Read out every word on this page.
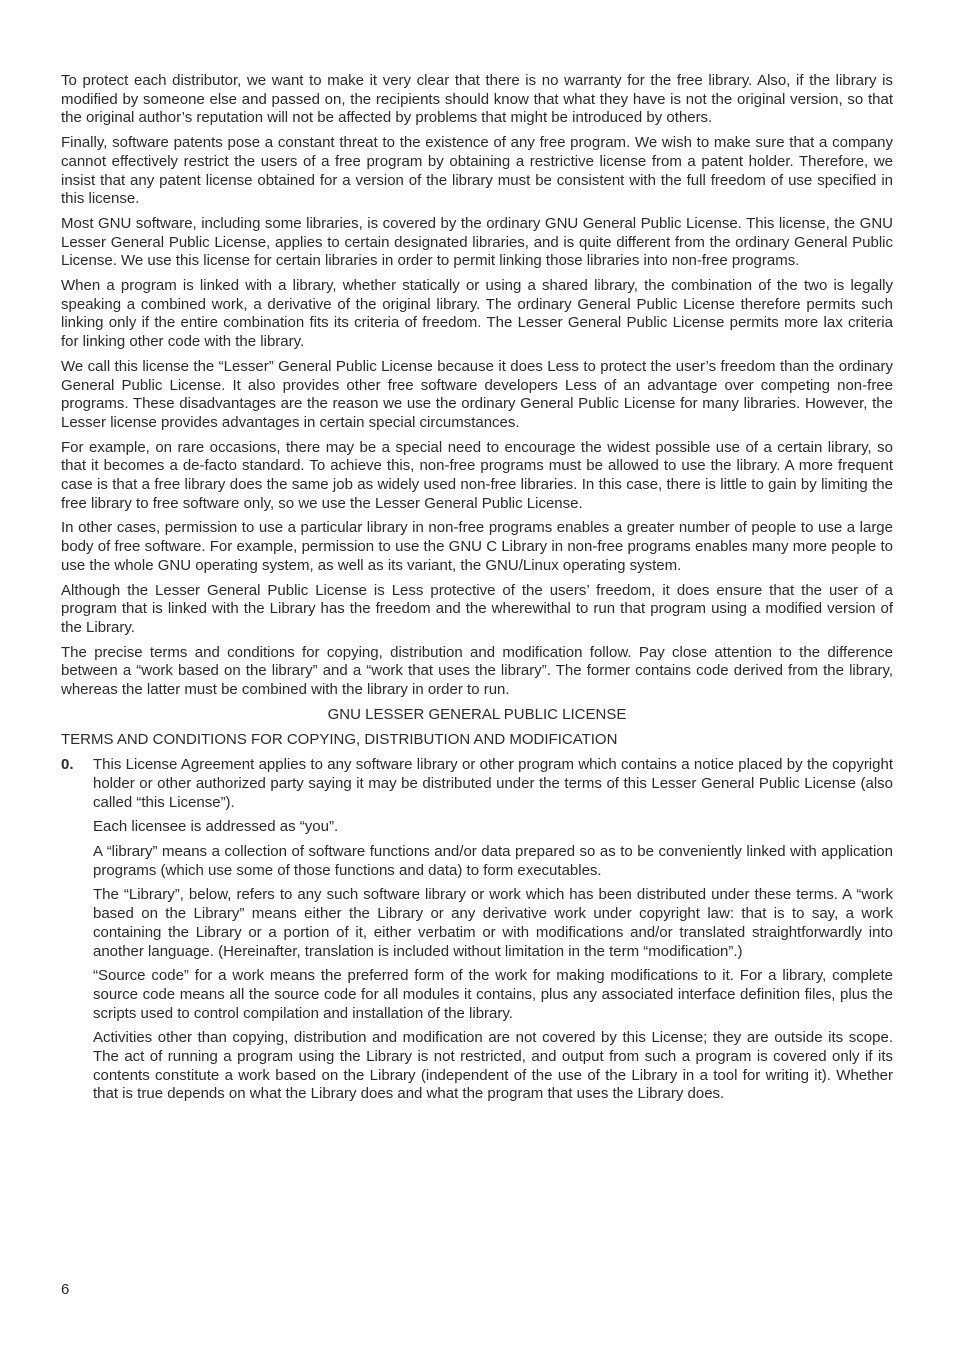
To protect each distributor, we want to make it very clear that there is no warranty for the free library. Also, if the library is modified by someone else and passed on, the recipients should know that what they have is not the original version, so that the original author’s reputation will not be affected by problems that might be introduced by others.

Finally, software patents pose a constant threat to the existence of any free program. We wish to make sure that a company cannot effectively restrict the users of a free program by obtaining a restrictive license from a patent holder. Therefore, we insist that any patent license obtained for a version of the library must be consistent with the full freedom of use specified in this license.

Most GNU software, including some libraries, is covered by the ordinary GNU General Public License. This license, the GNU Lesser General Public License, applies to certain designated libraries, and is quite different from the ordinary General Public License. We use this license for certain libraries in order to permit linking those libraries into non-free programs.

When a program is linked with a library, whether statically or using a shared library, the combination of the two is legally speaking a combined work, a derivative of the original library. The ordinary General Public License therefore permits such linking only if the entire combination fits its criteria of freedom. The Lesser General Public License permits more lax criteria for linking other code with the library.

We call this license the “Lesser” General Public License because it does Less to protect the user’s freedom than the ordinary General Public License. It also provides other free software developers Less of an advantage over competing non-free programs. These disadvantages are the reason we use the ordinary General Public License for many libraries. However, the Lesser license provides advantages in certain special circumstances.

For example, on rare occasions, there may be a special need to encourage the widest possible use of a certain library, so that it becomes a de-facto standard. To achieve this, non-free programs must be allowed to use the library. A more frequent case is that a free library does the same job as widely used non-free libraries. In this case, there is little to gain by limiting the free library to free software only, so we use the Lesser General Public License.

In other cases, permission to use a particular library in non-free programs enables a greater number of people to use a large body of free software. For example, permission to use the GNU C Library in non-free programs enables many more people to use the whole GNU operating system, as well as its variant, the GNU/Linux operating system.

Although the Lesser General Public License is Less protective of the users’ freedom, it does ensure that the user of a program that is linked with the Library has the freedom and the wherewithal to run that program using a modified version of the Library.

The precise terms and conditions for copying, distribution and modification follow. Pay close attention to the difference between a “work based on the library” and a “work that uses the library”. The former contains code derived from the library, whereas the latter must be combined with the library in order to run.

GNU LESSER GENERAL PUBLIC LICENSE

TERMS AND CONDITIONS FOR COPYING, DISTRIBUTION AND MODIFICATION

0. This License Agreement applies to any software library or other program which contains a notice placed by the copyright holder or other authorized party saying it may be distributed under the terms of this Lesser General Public License (also called “this License”).

Each licensee is addressed as “you”.

A “library” means a collection of software functions and/or data prepared so as to be conveniently linked with application programs (which use some of those functions and data) to form executables.

The “Library”, below, refers to any such software library or work which has been distributed under these terms. A “work based on the Library” means either the Library or any derivative work under copyright law: that is to say, a work containing the Library or a portion of it, either verbatim or with modifications and/or translated straightforwardly into another language. (Hereinafter, translation is included without limitation in the term “modification”.)

“Source code” for a work means the preferred form of the work for making modifications to it. For a library, complete source code means all the source code for all modules it contains, plus any associated interface definition files, plus the scripts used to control compilation and installation of the library.

Activities other than copying, distribution and modification are not covered by this License; they are outside its scope. The act of running a program using the Library is not restricted, and output from such a program is covered only if its contents constitute a work based on the Library (independent of the use of the Library in a tool for writing it). Whether that is true depends on what the Library does and what the program that uses the Library does.

6
